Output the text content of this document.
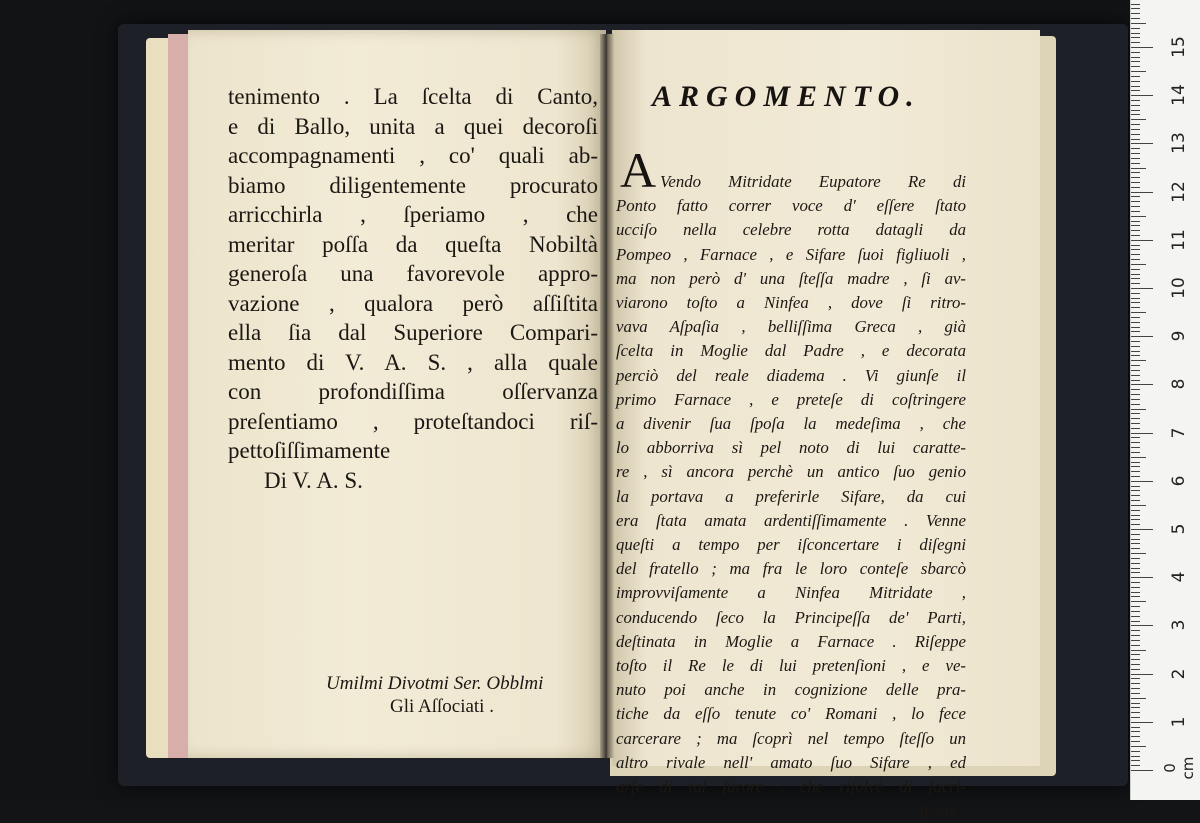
tenimento . La ſcelta di Canto,
e di Ballo, unita a quei decoroſi
accompagnamenti , co' quali ab-
biamo diligentemente procurato
arricchirla , ſperiamo , che
meritar poſſa da queſta Nobiltà
generoſa una favorevole appro-
vazione , qualora però aſſiſtita
ella ſia dal Superiore Compari-
mento di V. A. S. , alla quale
con profondiſſima oſſervanza
preſentiamo , proteſtandoci riſ-
pettoſiſſimamente
Di V. A. S.
Umilmi Divotmi Ser. Obblmi
Gli Aſſociati .
ARGOMENTO.
A Vendo Mitridate Eupatore Re di
Ponto fatto correr voce d' eſſere ſtato
ucciſo nella celebre rotta datagli da
Pompeo , Farnace , e Sifare ſuoi figliuoli ,
ma non però d' una ſteſſa madre , ſi av-
viarono toſto a Ninfea , dove ſi ritro-
vava Aſpaſia , belliſſima Greca , già
ſcelta in Moglie dal Padre , e decorata
perciò del reale diadema . Vi giunſe il
primo Farnace , e preteſe di coſtringere
a divenir ſua ſpoſa la medeſima , che
lo abborriva sì pel noto di lui caratte-
re , sì ancora perchè un antico ſuo genio
la portava a preferirle Sifare, da cui
era ſtata amata ardentiſſimamente . Venne
queſti a tempo per iſconcertare i diſegni
del fratello ; ma fra le loro conteſe sbarcò
improvviſamente a Ninfea Mitridate ,
conducendo ſeco la Principeſſa de' Parti,
deſtinata in Moglie a Farnace . Riſeppe
toſto il Re le di lui pretenſioni , e ve-
nuto poi anche in cognizione delle pra-
tiche da eſſo tenute co' Romani , lo fece
carcerare ; ma ſcoprì nel tempo ſteſſo un
altro rivale nell' amato ſuo Sifare , ed
arſe di tal furore , che riſolvè di ſacri-
ficare
0 cm
1
2
3
4
5
6
7
8
9
10
11
12
13
14
15
